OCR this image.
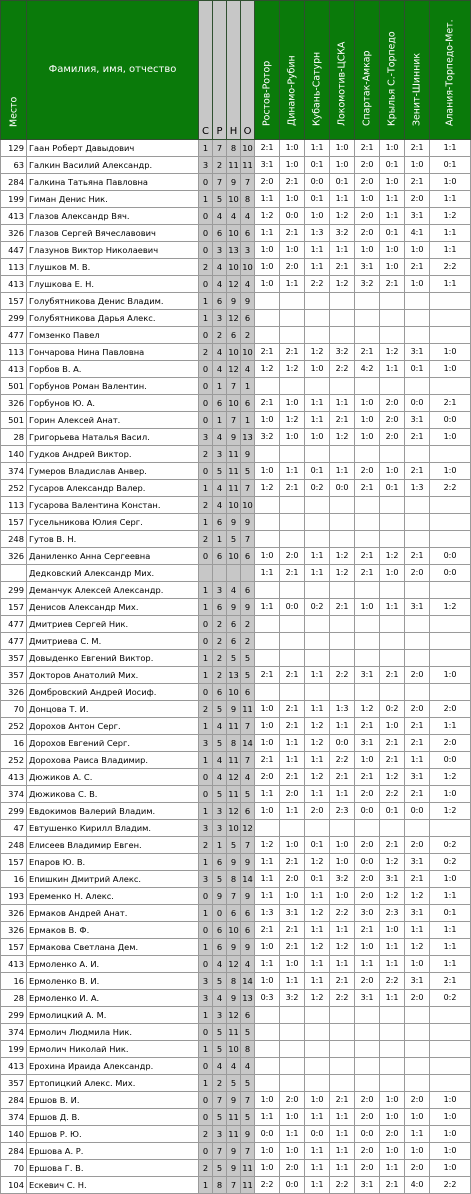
Место	Фамилия, имя, отчество	С	Р	Н	О	Ростов-Ротор	Динамо-Рубин	Кубань-Сатурн	Локомотив-ЦСКА	Спартак-Амкар	Крылья С.-Торпедо	Зенит-Шинник	Алания-Торпедо-Мет.

129	Гаан Роберт Давыдович	1	7	8	10	2:1	1:0	1:1	1:0	2:1	1:0	2:1	1:1
63	Галкин Василий Александр.	3	2	11	11	3:1	1:0	0:1	1:0	2:0	0:1	1:0	0:1
284	Галкина Татьяна Павловна	0	7	9	7	2:0	2:1	0:0	0:1	2:0	1:0	2:1	1:0
199	Гиман Денис Ник.	1	5	10	8	1:1	1:0	0:1	1:1	1:0	1:1	2:0	1:1
413	Глазов Александр Вяч.	0	4	4	4	1:2	0:0	1:0	1:2	2:0	1:1	3:1	1:2
326	Глазов Сергей Вячеславович	0	6	10	6	1:1	2:1	1:3	3:2	2:0	0:1	4:1	1:1
447	Глазунов Виктор Николаевич	0	3	13	3	1:0	1:0	1:1	1:1	1:0	1:0	1:0	1:1
113	Глушков М. В.	2	4	10	10	1:0	2:0	1:1	2:1	3:1	1:0	2:1	2:2
413	Глушкова Е. Н.	0	4	12	4	1:0	1:1	2:2	1:2	3:2	2:1	1:0	1:1
157	Голубятникова Денис Владим.	1	6	9	9								
299	Голубятникова Дарья Алекс.	1	3	12	6								
477	Гомзенко Павел	0	2	6	2								
113	Гончарова Нина Павловна	2	4	10	10	2:1	2:1	1:2	3:2	2:1	1:2	3:1	1:0
413	Горбов В. А.	0	4	12	4	1:2	1:2	1:0	2:2	4:2	1:1	0:1	1:0
501	Горбунов Роман Валентин.	0	1	7	1								
326	Горбунов Ю. А.	0	6	10	6	2:1	1:0	1:1	1:1	1:0	2:0	0:0	2:1
501	Горин Алексей Анат.	0	1	7	1	1:0	1:2	1:1	2:1	1:0	2:0	3:1	0:0
28	Григорьева Наталья Васил.	3	4	9	13	3:2	1:0	1:0	1:2	1:0	2:0	2:1	1:0
140	Гудков Андрей Виктор.	2	3	11	9								
374	Гумеров Владислав Анвер.	0	5	11	5	1:0	1:1	0:1	1:1	2:0	1:0	2:1	1:0
252	Гусаров Александр Валер.	1	4	11	7	1:2	2:1	0:2	0:0	2:1	0:1	1:3	2:2
113	Гусарова Валентина Констан.	2	4	10	10								
157	Гусельникова Юлия Серг.	1	6	9	9								
248	Гутов В. Н.	2	1	5	7								
326	Даниленко Анна Сергеевна	0	6	10	6	1:0	2:0	1:1	1:2	2:1	1:2	2:1	0:0
	Дедковский Александр Мих.					1:1	2:1	1:1	1:2	2:1	1:0	2:0	0:0
299	Деманчук Алексей Александр.	1	3	4	6								
157	Денисов Александр Мих.	1	6	9	9	1:1	0:0	0:2	2:1	1:0	1:1	3:1	1:2
477	Дмитриев Сергей Ник.	0	2	6	2								
477	Дмитриева С. М.	0	2	6	2								
357	Довыденко Евгений Виктор.	1	2	5	5								
357	Докторов Анатолий Мих.	1	2	13	5	2:1	2:1	1:1	2:2	3:1	2:1	2:0	1:0
326	Домбровский Андрей Иосиф.	0	6	10	6								
70	Донцова Т. И.	2	5	9	11	1:0	2:1	1:1	1:3	1:2	0:2	2:0	2:0
252	Дорохов Антон Серг.	1	4	11	7	1:0	2:1	1:2	1:1	2:1	1:0	2:1	1:1
16	Дорохов Евгений Серг.	3	5	8	14	1:0	1:1	1:2	0:0	3:1	2:1	2:1	2:0
252	Дорохова Раиса Владимир.	1	4	11	7	2:1	1:1	1:1	2:2	1:0	2:1	1:1	0:0
413	Дюжиков А. С.	0	4	12	4	2:0	2:1	1:2	2:1	2:1	1:2	3:1	1:2
374	Дюжикова С. В.	0	5	11	5	1:1	2:0	1:1	1:1	2:0	2:2	2:1	1:0
299	Евдокимов Валерий Владим.	1	3	12	6	1:0	1:1	2:0	2:3	0:0	0:1	0:0	1:2
47	Евтушенко Кирилл Владим.	3	3	10	12								
248	Елисеев Владимир Евген.	2	1	5	7	1:2	1:0	0:1	1:0	2:0	2:1	2:0	0:2
157	Епаров Ю. В.	1	6	9	9	1:1	2:1	1:2	1:0	0:0	1:2	3:1	0:2
16	Епишкин Дмитрий Алекс.	3	5	8	14	1:1	2:0	0:1	3:2	2:0	3:1	2:1	1:0
193	Еременко Н. Алекс.	0	9	7	9	1:1	1:0	1:1	1:0	2:0	1:2	1:2	1:1
326	Ермаков Андрей Анат.	1	0	6	6	1:3	3:1	1:2	2:2	3:0	2:3	3:1	0:1
326	Ермаков В. Ф.	0	6	10	6	2:1	2:1	1:1	1:1	2:1	1:0	1:1	1:1
157	Ермакова Светлана Дем.	1	6	9	9	1:0	2:1	1:2	1:2	1:0	1:1	1:2	1:1
413	Ермоленко А. И.	0	4	12	4	1:1	1:0	1:1	1:1	1:1	1:1	1:0	1:1
16	Ермоленко В. И.	3	5	8	14	1:0	1:1	1:1	2:1	2:0	2:2	3:1	2:1
28	Ермоленко И. А.	3	4	9	13	0:3	3:2	1:2	2:2	3:1	1:1	2:0	0:2
299	Ермолицкий А. М.	1	3	12	6								
374	Ермолич Людмила Ник.	0	5	11	5								
199	Ермолич Николай Ник.	1	5	10	8								
413	Ерохина Ираида Александр.	0	4	4	4								
357	Ертопицкий Алекс. Мих.	1	2	5	5								
284	Ершов В. И.	0	7	9	7	1:0	2:0	1:0	2:1	2:0	1:0	2:0	1:0
374	Ершов Д. В.	0	5	11	5	1:1	1:0	1:1	1:1	2:0	1:0	1:0	1:0
140	Ершов Р. Ю.	2	3	11	9	0:0	1:1	0:0	1:1	0:0	2:0	1:1	1:0
284	Ершова А. Р.	0	7	9	7	1:0	1:0	1:1	1:1	2:0	1:0	1:0	1:0
70	Ершова Г. В.	2	5	9	11	1:0	2:0	1:1	1:1	2:0	1:1	2:0	1:0
104	Ескевич С. Н.	1	8	7	11	2:2	0:0	1:1	2:2	3:1	2:1	4:0	2:2
